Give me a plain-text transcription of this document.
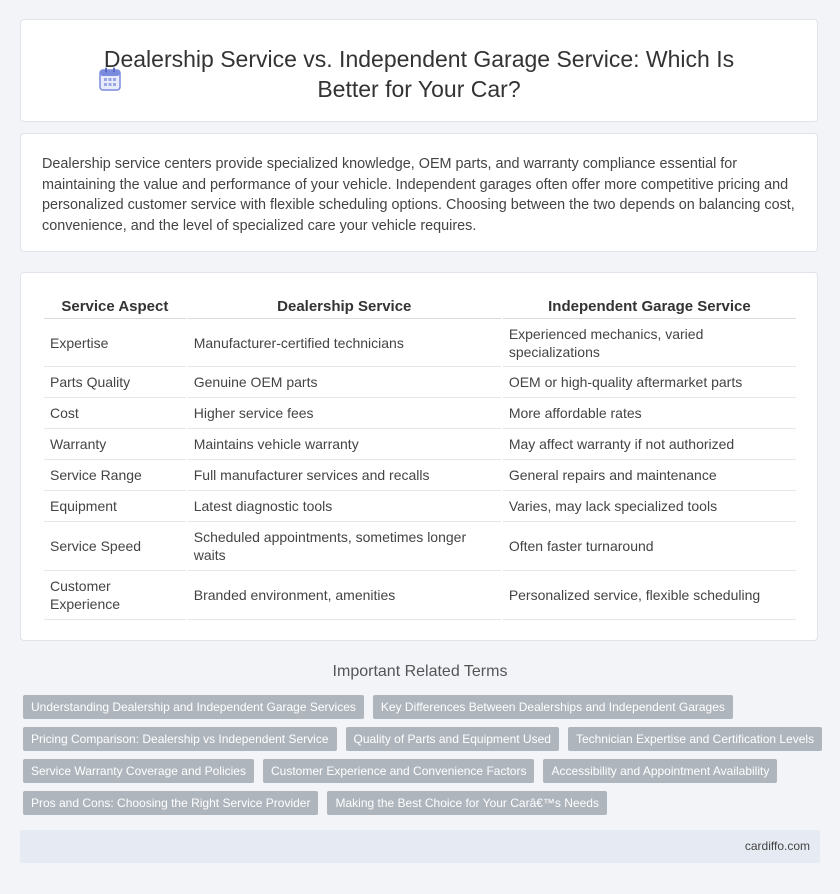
Dealership Service vs. Independent Garage Service: Which Is Better for Your Car?

Dealership service centers provide specialized knowledge, OEM parts, and warranty compliance essential for maintaining the value and performance of your vehicle. Independent garages often offer more competitive pricing and personalized customer service with flexible scheduling options. Choosing between the two depends on balancing cost, convenience, and the level of specialized care your vehicle requires.

Service Aspect	Dealership Service	Independent Garage Service
Expertise	Manufacturer-certified technicians	Experienced mechanics, varied specializations
Parts Quality	Genuine OEM parts	OEM or high-quality aftermarket parts
Cost	Higher service fees	More affordable rates
Warranty	Maintains vehicle warranty	May affect warranty if not authorized
Service Range	Full manufacturer services and recalls	General repairs and maintenance
Equipment	Latest diagnostic tools	Varies, may lack specialized tools
Service Speed	Scheduled appointments, sometimes longer waits	Often faster turnaround
Customer Experience	Branded environment, amenities	Personalized service, flexible scheduling
Important Related Terms
Understanding Dealership and Independent Garage Services	Key Differences Between Dealerships and Independent Garages
Pricing Comparison: Dealership vs Independent Service	Quality of Parts and Equipment Used	Technician Expertise and Certification Levels
Service Warranty Coverage and Policies	Customer Experience and Convenience Factors	Accessibility and Appointment Availability
Pros and Cons: Choosing the Right Service Provider	Making the Best Choice for Your Carâ€™s Needs
cardiffo.com
